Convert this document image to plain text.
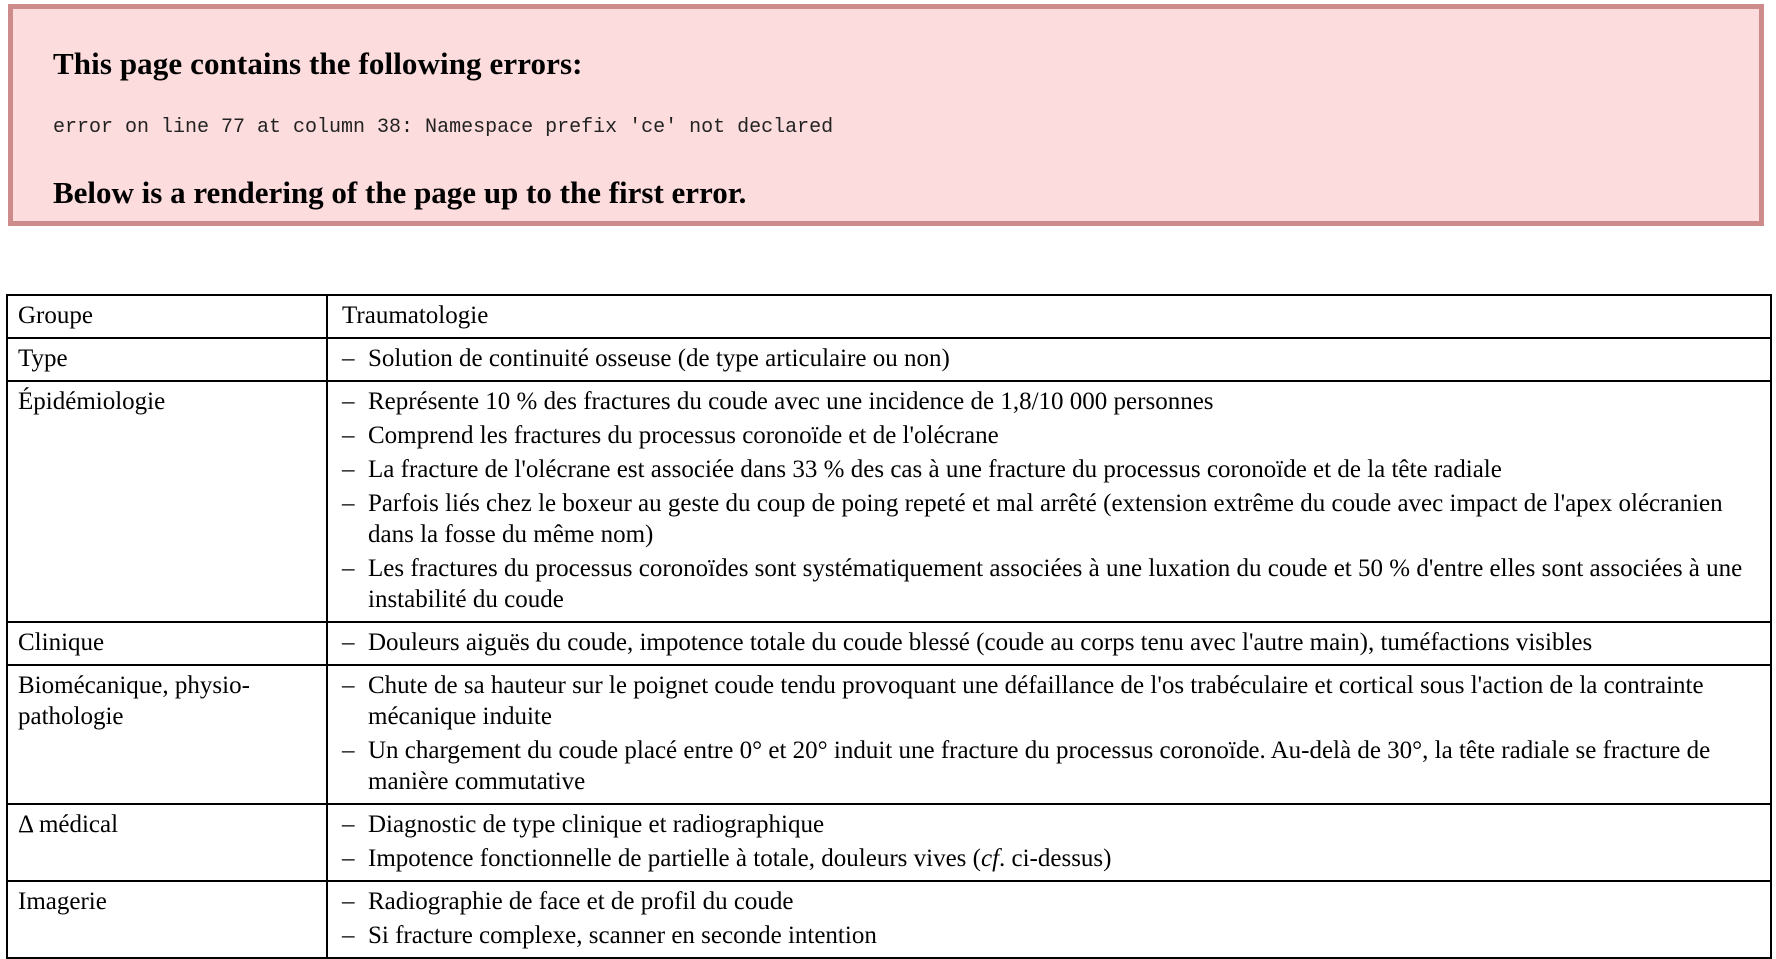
This page contains the following errors:
error on line 77 at column 38: Namespace prefix 'ce' not declared
Below is a rendering of the page up to the first error.
Groupe	Traumatologie

Type	– Solution de continuité osseuse (de type articulaire ou non)

Épidémiologie	– Représente 10 % des fractures du coude avec une incidence de 1,8/10 000 personnes
– Comprend les fractures du processus coronoïde et de l'olécrane
– La fracture de l'olécrane est associée dans 33 % des cas à une fracture du processus coronoïde et de la tête radiale
– Parfois liés chez le boxeur au geste du coup de poing repeté et mal arrêté (extension extrême du coude avec impact de l'apex olécranien dans la fosse du même nom)
– Les fractures du processus coronoïdes sont systématiquement associées à une luxation du coude et 50 % d'entre elles sont associées à une instabilité du coude

Clinique	– Douleurs aiguës du coude, impotence totale du coude blessé (coude au corps tenu avec l'autre main), tuméfactions visibles

Biomécanique, physio-pathologie	– Chute de sa hauteur sur le poignet coude tendu provoquant une défaillance de l'os trabéculaire et cortical sous l'action de la contrainte mécanique induite
– Un chargement du coude placé entre 0° et 20° induit une fracture du processus coronoïde. Au-delà de 30°, la tête radiale se fracture de manière commutative

Δ médical	– Diagnostic de type clinique et radiographique
– Impotence fonctionnelle de partielle à totale, douleurs vives (cf. ci-dessus)

Imagerie	– Radiographie de face et de profil du coude
– Si fracture complexe, scanner en seconde intention
